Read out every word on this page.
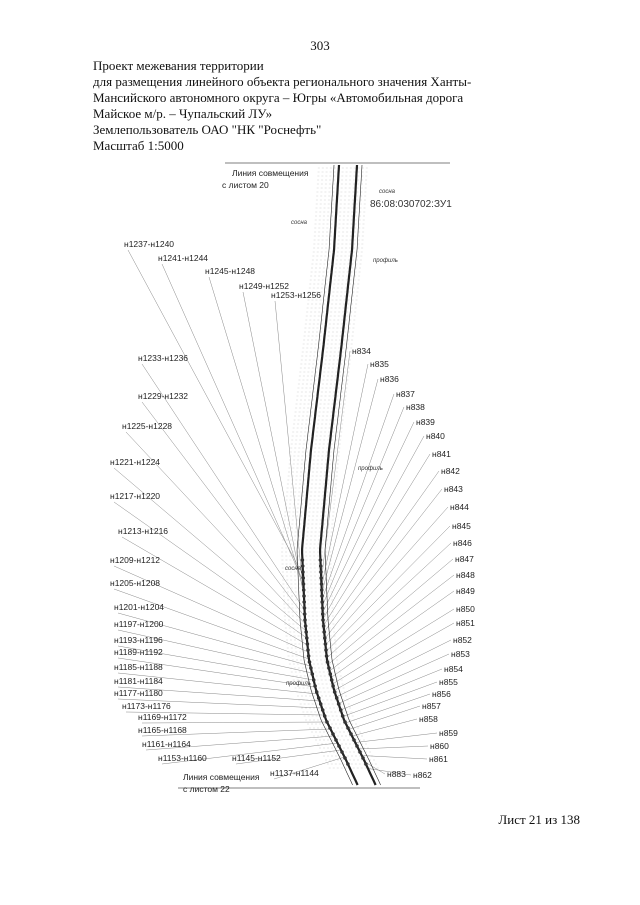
303
Проект межевания территории
для размещения линейного объекта регионального значения Ханты-
Мансийского автономного округа – Югры «Автомобильная дорога
Майское м/р. – Чупальский ЛУ»
Землепользователь ОАО "НК "Роснефть"
Масштаб 1:5000
н1237-н1240
н1241-н1244
н1245-н1248
н1249-н1252
н1253-н1256
н1233-н1236
н1229-н1232
н1225-н1228
н1221-н1224
н1217-н1220
н1213-н1216
н1209-н1212
н1205-н1208
н1201-н1204
н1197-н1200
н1193-н1196
н1189-н1192
н1185-н1188
н1181-н1184
н1177-н1180
н1173-н1176
н1169-н1172
н1165-н1168
н1161-н1164
н1153-н1160	н1145-н1152
н1137-н1144
н834
н835
н836
н837
н838
н839
н840
н841
н842
н843
н844
н845
н846
н847
н848
н849
н850
н851
н852
н853
н854
н855
н856
н857
н858
н859
н860
н861
н883 н862
Линия совмещения
с листом 20
Линия совмещения
с листом 22
86:08:030702:ЗУ1
сосна
профиль
профиль
сосна
сосна
профиль
Лист 21 из 138
